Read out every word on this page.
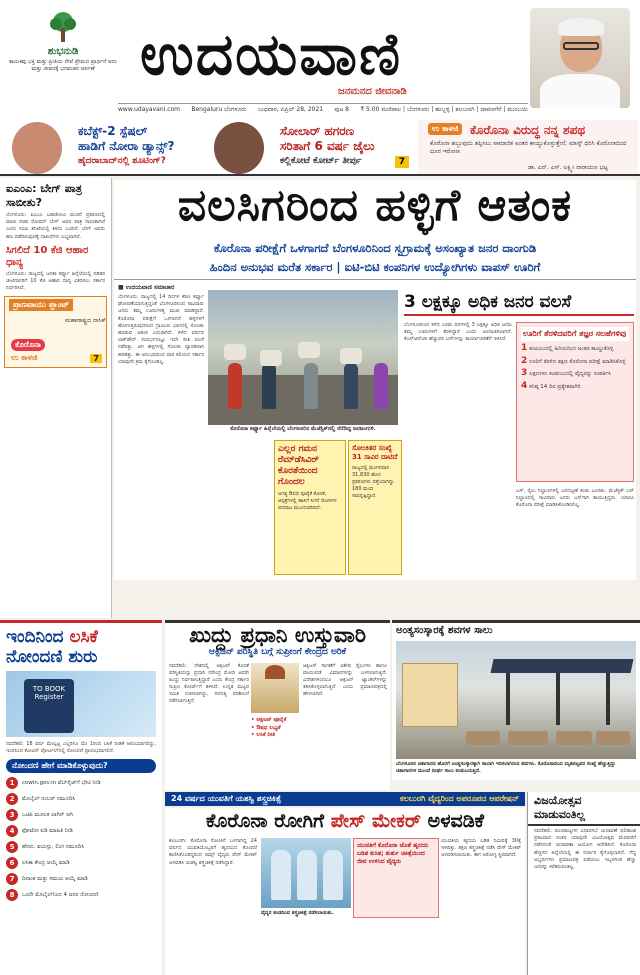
ಶುಭನುಡಿ
ಕಾಯಕವು ಭಕ್ತಿ ಮತ್ತು ಪ್ರೀತಿಯ ಸೇವೆ ಪ್ರೇಮದ ಪ್ರಾರ್ಥನೆ ಅದು ಮತ್ತು ಜೀವನಕ್ಕೆ ಭಗವಂತನ ಅರ್ಪಣೆ ಉದಯವಾಣಿ
ಜನಮನದ ಜೀವನಾಡಿ
www.udayavani.com Bengaluru ಬೆಂಗಳೂರು ಬುಧವಾರ, ಏಪ್ರಿಲ್ 28, 2021 ಪುಟ 8 ₹ 5.00 ಮಣಿಪಾಲ | ಬೆಂಗಳೂರು | ಹುಬ್ಬಳ್ಳಿ | ಕಲಬುರಗಿ | ದಾವಣಗೆರೆ | ಮುಂಬಯಿ
ಕಬೆಕ್ಟ್-2 ಸ್ಪೆಷಲ್
ಹಾಡಿಗೆ ನೋರಾ ಡ್ಯಾನ್ಸ್?
ಹೈದರಾಬಾದ್‌ನಲ್ಲಿ ಶೂಟಿಂಗ್?
ಸೋಲಾರ್ ಹಗರಣ
ಸರಿತಾಗೆ 6 ವರ್ಷ ಜೈಲು
ಕಲ್ಲಿಕೋಟೆ ಕೋರ್ಟ್ ತೀರ್ಪು	7
ಉ ಕಾಳಜಿ ಕೊರೊನಾ ವಿರುದ್ಧ ನನ್ನ ಶಪಥ
ಕೊರೊನಾ ಹಬ್ಬುವುದು ತಪ್ಪಿಸಲು ಸಾಮಾಜಿಕ ಅಂತರ ಕಾಯ್ದುಕೊಳ್ಳುತ್ತೇನೆ; ಮಾಸ್ಕ್ ಧರಿಸಿ ಕೊರೊನಾದಿಂದ ದೂರ ಇರೋಣ
ಡಾ. ಎನ್. ಎಸ್. ಲಕ್ಷ್ಮೀ ನಾರಾಯಣ ಭಟ್ಟ
ಐಎಂಎ: ಬೇಗ್ ಪಾತ್ರ ಸಾಬೀತು?
ಬೆಂಗಳೂರು: ಐಎಂಎ ಬಹುಕೋಟಿ ವಂಚನೆ ಪ್ರಕರಣದಲ್ಲಿ ಮಾಜಿ ಸಚಿವ ರೋಷನ್ ಬೇಗ್ ಅವರ ಪಾತ್ರ ಸಾಬೀತಾಗಿದೆ ಎಂದು ಸಿಬಿಐ ತನಿಖೆಯಲ್ಲಿ ತಿಳಿದು ಬಂದಿದೆ. ಬೇಗ್ ಅವರು ಹಣ ಪಡೆದಿರುವುದಕ್ಕೆ ದಾಖಲೆಗಳು ಲಭ್ಯವಾಗಿವೆ.
ಸಿಗಲಿದೆ 10 ಕೆಜಿ ಆಹಾರ ಧಾನ್ಯ
ಬೆಂಗಳೂರು: ರಾಜ್ಯದಲ್ಲಿ ಜನತಾ ಕರ್ಫ್ಯೂ ಹಿನ್ನೆಲೆಯಲ್ಲಿ ಪಡಿತರ ಚೀಟಿದಾರರಿಗೆ 10 ಕೆಜಿ ಆಹಾರ ಧಾನ್ಯ ವಿತರಿಸಲು ಸರ್ಕಾರ ನಿರ್ಧರಿಸಿದೆ.
ಪ್ರಾಣವಾಯು ಪ್ಲಾಂಟ್
ಮಹಾರಾಷ್ಟ್ರದ ನಾಸಿಕ್
ಕೊರೊನಾ
ಉ ಕಾಳಜಿ	7
ವಲಸಿಗರಿಂದ ಹಳ್ಳಿಗೆ ಆತಂಕ
ಕೊರೊನಾ ಪರೀಕ್ಷೆಗೆ ಒಳಗಾಗದೆ ಬೆಂಗಳೂರಿನಿಂದ ಸ್ವಗ್ರಾಮಕ್ಕೆ ಅಸಂಖ್ಯಾತ ಜನರ ದಾಂಗುಡಿ
ಹಿಂದಿನ ಅನುಭವ ಮರೆತ ಸರ್ಕಾರ | ಐಟಿ-ಬಿಟಿ ಕಂಪನಿಗಳ ಉದ್ಯೋಗಿಗಳು ವಾಪಸ್ ಊರಿಗೆ
■ ಉದಯವಾಣಿ ಸಮಾಚಾರ
ಬೆಂಗಳೂರು: ರಾಜ್ಯದಲ್ಲಿ 14 ದಿನಗಳ ಕಠಿಣ ಕರ್ಫ್ಯೂ ಘೋಷಣೆಯಾಗುತ್ತಿದ್ದಂತೆ ಬೆಂಗಳೂರಿನಿಂದ ಸಾವಿರಾರು ಜನರು ತಮ್ಮ ಊರುಗಳತ್ತ ಮುಖ ಮಾಡಿದ್ದಾರೆ. ಕೊರೊನಾ ಪರೀಕ್ಷೆಗೆ ಒಳಗಾಗದೆ ಹಳ್ಳಿಗಳಿಗೆ ಹೋಗುತ್ತಿರುವುದರಿಂದ ಗ್ರಾಮೀಣ ಭಾಗದಲ್ಲಿ ಸೋಂಕು ಹರಡುವ ಆತಂಕ ಎದುರಾಗಿದೆ. ಕಳೆದ ವರ್ಷದ ಲಾಕ್‌ಡೌನ್ ಸಂದರ್ಭದಲ್ಲೂ ಇದೇ ರೀತಿ ವಲಸೆ ನಡೆದಿತ್ತು. ಆಗ ಹಳ್ಳಿಗಳಲ್ಲಿ ಸೋಂಕು ವ್ಯಾಪಕವಾಗಿ ಹರಡಿತ್ತು. ಈ ಅನುಭವದಿಂದ ಪಾಠ ಕಲಿಯದ ಸರ್ಕಾರ ಯಾವುದೇ ಕ್ರಮ ಕೈಗೊಂಡಿಲ್ಲ.
ಕೊರೊನಾ ಕರ್ಫ್ಯೂ ಹಿನ್ನೆಲೆಯಲ್ಲಿ ಬೆಂಗಳೂರಿನ ಮೆಜೆಸ್ಟಿಕ್‌ನಲ್ಲಿ ನೆರೆದಿದ್ದ ಜನಜಂಗುಳಿ.
ಎಲ್ಲರ ಗಮನ ರೆಮ್‌ಡೆಸಿವಿರ್ ಕೊರತೆಯಿಂದ ಗೊಂದಲ
ಅಗತ್ಯ ಔಷಧ ಪೂರೈಕೆ ಕೊರತೆ, ಆಸ್ಪತ್ರೆಗಳಲ್ಲಿ ಹಾಸಿಗೆ ಸಿಗದೆ ರೋಗಿಗಳ ಪರದಾಟ ಮುಂದುವರಿದಿದೆ.
ಸೋಂಕಿತರ ಸಂಖ್ಯೆ 31 ಸಾವಿರ ದಾಟಿದೆ
ರಾಜ್ಯದಲ್ಲಿ ಮಂಗಳವಾರ 31,830 ಹೊಸ ಪ್ರಕರಣಗಳು ಪತ್ತೆಯಾಗಿದ್ದು 180 ಮಂದಿ ಸಾವನ್ನಪ್ಪಿದ್ದಾರೆ.
3 ಲಕ್ಷಕ್ಕೂ ಅಧಿಕ ಜನರ ವಲಸೆ
ಬೆಂಗಳೂರಿನಿಂದ ಕಳೆದ ಎರಡು ದಿನಗಳಲ್ಲಿ 3 ಲಕ್ಷಕ್ಕೂ ಅಧಿಕ ಜನರು ತಮ್ಮ ಊರುಗಳಿಗೆ ತೆರಳಿದ್ದಾರೆ ಎಂದು ಅಂದಾಜಿಸಲಾಗಿದೆ. ಕೆಎಸ್ಆರ್‌ಟಿಸಿ ಹೆಚ್ಚುವರಿ ಬಸ್‌ಗಳನ್ನು ಕಾರ್ಯಾಚರಣೆಗೆ ಇಳಿಸಿದೆ.
ಊರಿಗೆ ತೆರಳಿದವರಿಗೆ ತಜ್ಞರ ಸಲಹೆಗಳಿವು
1 ಕುಟುಂಬದಲ್ಲಿ ಹಿರಿಯರಿಂದ ಅಂತರ ಕಾಯ್ದುಕೊಳ್ಳಿ
2 ಊರಿಗೆ ತೆರಳಿದ ತಕ್ಷಣ ಕೊರೊನಾ ಪರೀಕ್ಷೆ ಮಾಡಿಸಿಕೊಳ್ಳಿ
3 ಲಕ್ಷಣಗಳು ಕಂಡುಬಂದಲ್ಲಿ ವೈದ್ಯರನ್ನು ಸಂಪರ್ಕಿಸಿ
4 ಕನಿಷ್ಠ 14 ದಿನ ಪ್ರತ್ಯೇಕವಾಗಿರಿ
ಬಸ್, ರೈಲು ನಿಲ್ದಾಣಗಳಲ್ಲಿ ಜನದಟ್ಟಣೆ ಕಂಡು ಬಂದಿತು. ಮೆಜೆಸ್ಟಿಕ್ ಬಸ್ ನಿಲ್ದಾಣದಲ್ಲಿ ಸಾವಿರಾರು ಜನರು ಬಸ್‌ಗಾಗಿ ಕಾಯುತ್ತಿದ್ದರು. ಯಾರೂ ಕೊರೊನಾ ಪರೀಕ್ಷೆ ಮಾಡಿಸಿಕೊಂಡಿರಲಿಲ್ಲ.
ಇಂದಿನಿಂದ ಲಸಿಕೆ
ನೋಂದಣಿ ಶುರು
TO BOOK Register
ನವದೆಹಲಿ: 18 ವರ್ಷ ಮೇಲ್ಪಟ್ಟ ಎಲ್ಲರಿಗೂ ಮೇ 1ರಿಂದ ಲಸಿಕೆ ನೀಡಿಕೆ ಆರಂಭವಾಗಲಿದ್ದು, ಇಂದಿನಿಂದ ಕೋವಿನ್ ಪೋರ್ಟಲ್‌ನಲ್ಲಿ ನೋಂದಣಿ ಪ್ರಾರಂಭವಾಗಲಿದೆ.
ನೋಂದಣಿ ಹೇಗೆ ಮಾಡಿಕೊಳ್ಳುವುದು?
1	cowin.gov.in ವೆಬ್‌ಸೈಟ್‌ಗೆ ಭೇಟಿ ನೀಡಿ
2	ಮೊಬೈಲ್ ನಂಬರ್ ನಮೂದಿಸಿ
3	ಒಟಿಪಿ ಮೂಲಕ ಲಾಗಿನ್ ಆಗಿ
4	ಫೋಟೋ ಐಡಿ ಮಾಹಿತಿ ನೀಡಿ
5	ಹೆಸರು, ವಯಸ್ಸು, ಲಿಂಗ ನಮೂದಿಸಿ
6	ಲಸಿಕಾ ಕೇಂದ್ರ ಆಯ್ಕೆ ಮಾಡಿ
7	ದಿನಾಂಕ ಮತ್ತು ಸಮಯ ಆಯ್ಕೆ ಮಾಡಿ
8	ಒಂದೇ ಮೊಬೈಲ್‌ನಿಂದ 4 ಜನರ ನೋಂದಣಿ
ಖುದ್ದು ಪ್ರಧಾನಿ ಉಸ್ತುವಾರಿ
ಆಕ್ಸಿಜನ್ ಪರಿಸ್ಥಿತಿ ಬಗ್ಗೆ ಸುಪ್ರೀಂಗೆ ಕೇಂದ್ರದ ಅರಿಕೆ
ನವದೆಹಲಿ: ದೇಶದಲ್ಲಿ ಆಕ್ಸಿಜನ್ ಕೊರತೆ ಪರಿಸ್ಥಿತಿಯನ್ನು ಪ್ರಧಾನಿ ನರೇಂದ್ರ ಮೋದಿ ಅವರೇ ಖುದ್ದು ನಿರ್ವಹಿಸುತ್ತಿದ್ದಾರೆ ಎಂದು ಕೇಂದ್ರ ಸರ್ಕಾರ ಸುಪ್ರೀಂ ಕೋರ್ಟ್‌ಗೆ ತಿಳಿಸಿದೆ. ಉನ್ನತ ಮಟ್ಟದ ಸಮಿತಿ ರಚಿಸಲಾಗಿದ್ದು, ದಿನನಿತ್ಯ ಪರಿಶೀಲನೆ ನಡೆಸಲಾಗುತ್ತಿದೆ.
• ಆಕ್ಸಿಜನ್ ಪೂರೈಕೆ
• ಔಷಧ ಲಭ್ಯತೆ
• ಲಸಿಕೆ ನೀತಿ
ಆಕ್ಸಿಜನ್ ಸಾಗಣೆಗೆ ವಿಶೇಷ ರೈಲುಗಳು ಹಾಗೂ ವಾಯುಪಡೆ ವಿಮಾನಗಳನ್ನು ಬಳಸಲಾಗುತ್ತಿದೆ. ವಿದೇಶಗಳಿಂದಲೂ ಆಕ್ಸಿಜನ್ ಟ್ಯಾಂಕರ್‌ಗಳನ್ನು ತರಿಸಿಕೊಳ್ಳಲಾಗುತ್ತಿದೆ ಎಂದು ಪ್ರಮಾಣಪತ್ರದಲ್ಲಿ ಹೇಳಲಾಗಿದೆ.
ಅಂತ್ಯಸಂಸ್ಕಾರಕ್ಕೆ ಶವಗಳ ಸಾಲು
ಬೆಂಗಳೂರಿನ ಚಿತಾಗಾರದ ಹೊರಗೆ ಅಂತ್ಯಸಂಸ್ಕಾರಕ್ಕಾಗಿ ಸಾಲಾಗಿ ಇರಿಸಲಾಗಿರುವ ಶವಗಳು. ಕೊರೊನಾದಿಂದ ಮೃತಪಟ್ಟವರ ಸಂಖ್ಯೆ ಹೆಚ್ಚುತ್ತಿದ್ದು ಚಿತಾಗಾರಗಳ ಮುಂದೆ ದೀರ್ಘ ಸಾಲು ಕಂಡುಬರುತ್ತಿದೆ.
24 ವರ್ಷದ ಯುವತಿಗೆ ಯಶಸ್ವಿ ಶಸ್ತ್ರಚಿಕಿತ್ಸೆ	ಕಲಬುರಗಿ ವೈದ್ಯರಿಂದ ಅಪರೂಪದ ಆಪರೇಷನ್
ಕೊರೊನಾ ರೋಗಿಗೆ ಪೇಸ್ ಮೇಕರ್ ಅಳವಡಿಕೆ
ಕಲಬುರಗಿ: ಕೊರೊನಾ ಸೋಂಕಿಗೆ ಒಳಗಾಗಿದ್ದ 24 ವರ್ಷದ ಯುವತಿಯೊಬ್ಬರಿಗೆ ಹೃದಯದ ತೊಂದರೆ ಕಾಣಿಸಿಕೊಂಡಿದ್ದರಿಂದ ಜಿಮ್ಸ್ ವೈದ್ಯರು ಪೇಸ್ ಮೇಕರ್ ಅಳವಡಿಸಿ ಯಶಸ್ವಿ ಶಸ್ತ್ರಚಿಕಿತ್ಸೆ ನಡೆಸಿದ್ದಾರೆ.
ವೈದ್ಯರ ತಂಡದಿಂದ ಶಸ್ತ್ರಚಿಕಿತ್ಸೆ ನಡೆಸಲಾಯಿತು.
ಯುವತಿಗೆ ಕೊರೊನಾ ಜೊತೆ ಹೃದಯ ಬಡಿತ ಕುಸಿತ; ತುರ್ತು ಚಿಕಿತ್ಸೆಯಿಂದ ಜೀವ ಉಳಿಸಿದ ವೈದ್ಯರು
ಯುವತಿಯ ಹೃದಯ ಬಡಿತ ನಿಮಿಷಕ್ಕೆ 30ಕ್ಕೆ ಇಳಿದಿತ್ತು. ತಕ್ಷಣ ಶಸ್ತ್ರಚಿಕಿತ್ಸೆ ನಡೆಸಿ ಪೇಸ್ ಮೇಕರ್ ಅಳವಡಿಸಲಾಯಿತು. ಈಗ ಆರೋಗ್ಯ ಸ್ಥಿರವಾಗಿದೆ.
ವಿಜಯೋತ್ಸವ ಮಾಡುವಂತಿಲ್ಲ
ನವದೆಹಲಿ: ಪಂಚರಾಜ್ಯಗಳ ವಿಧಾನಸಭೆ ಚುನಾವಣೆ ಫಲಿತಾಂಶ ಪ್ರಕಟವಾದ ನಂತರ ಯಾವುದೇ ವಿಜಯೋತ್ಸವ ಮೆರವಣಿಗೆ ನಡೆಸದಂತೆ ಚುನಾವಣಾ ಆಯೋಗ ಆದೇಶಿಸಿದೆ. ಕೊರೊನಾ ಹೆಚ್ಚಳದ ಹಿನ್ನೆಲೆಯಲ್ಲಿ ಈ ನಿರ್ಧಾರ ಕೈಗೊಳ್ಳಲಾಗಿದೆ. ಗೆದ್ದ ಅಭ್ಯರ್ಥಿಗಳು ಪ್ರಮಾಣಪತ್ರ ಪಡೆಯಲು ಇಬ್ಬರಿಗಿಂತ ಹೆಚ್ಚು ಜನರನ್ನು ಕರೆತರುವಂತಿಲ್ಲ.
